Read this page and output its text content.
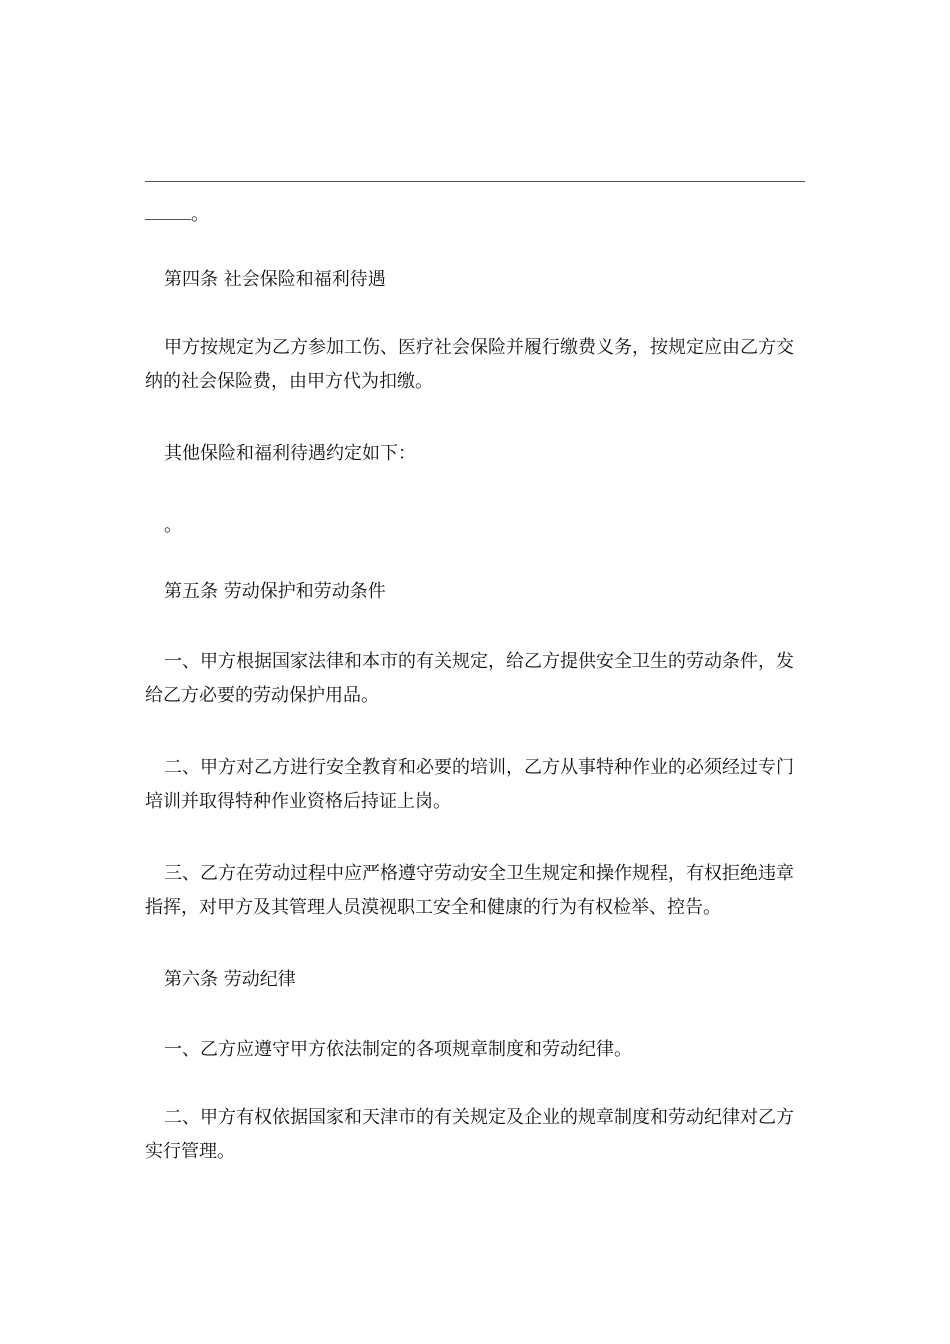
。

第四条 社会保险和福利待遇

甲方按规定为乙方参加工伤、医疗社会保险并履行缴费义务，按规定应由乙方交纳的社会保险费，由甲方代为扣缴。

其他保险和福利待遇约定如下：

。

第五条 劳动保护和劳动条件

一、甲方根据国家法律和本市的有关规定，给乙方提供安全卫生的劳动条件，发给乙方必要的劳动保护用品。

二、甲方对乙方进行安全教育和必要的培训，乙方从事特种作业的必须经过专门培训并取得特种作业资格后持证上岗。

三、乙方在劳动过程中应严格遵守劳动安全卫生规定和操作规程，有权拒绝违章指挥，对甲方及其管理人员漠视职工安全和健康的行为有权检举、控告。

第六条 劳动纪律

一、乙方应遵守甲方依法制定的各项规章制度和劳动纪律。

二、甲方有权依据国家和天津市的有关规定及企业的规章制度和劳动纪律对乙方实行管理。
